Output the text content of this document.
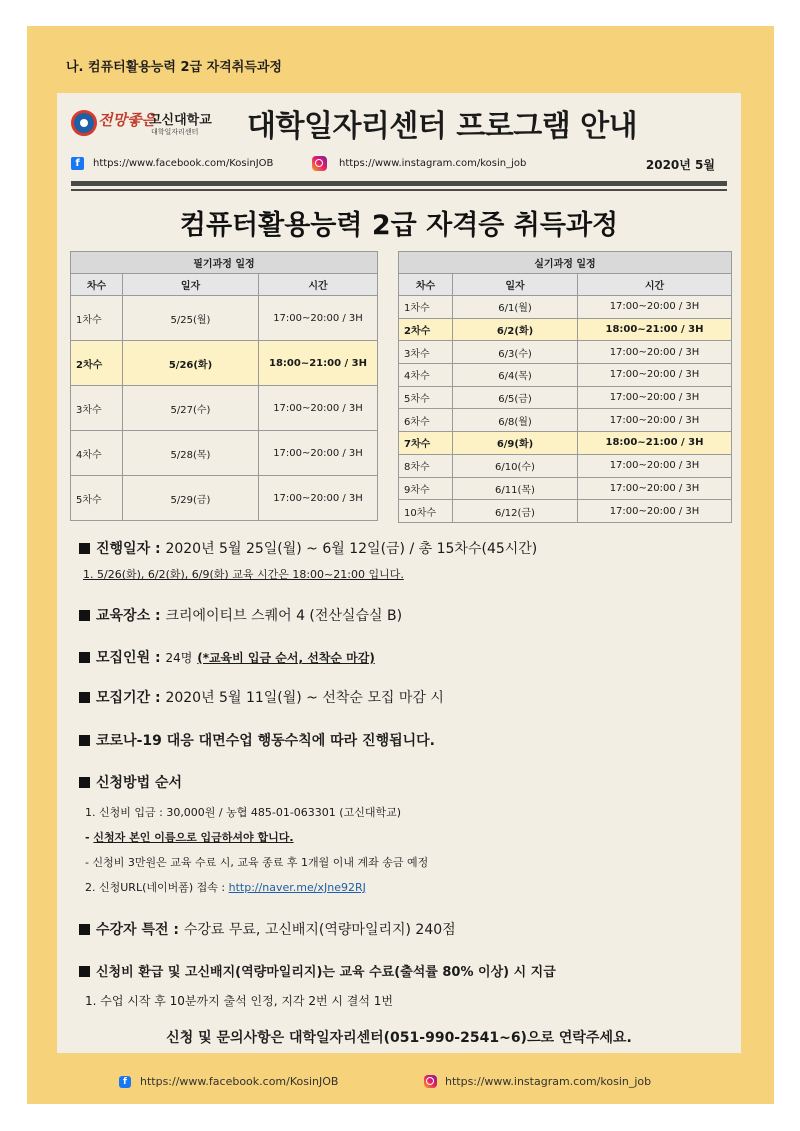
나. 컴퓨터활용능력 2급 자격취득과정
전망좋은
고신대학교
대학일자리센터 대학일자리센터 프로그램 안내
f	https://www.facebook.com/KosinJOB	https://www.instagram.com/kosin_job	2020년 5월
컴퓨터활용능력 2급 자격증 취득과정
필기과정 일정		
차수	일자	시간
1차수	5/25(월)	17:00~20:00 / 3H
2차수	5/26(화)	18:00~21:00 / 3H
3차수	5/27(수)	17:00~20:00 / 3H
4차수	5/28(목)	17:00~20:00 / 3H
5차수	5/29(금)	17:00~20:00 / 3H
실기과정 일정		
차수	일자	시간
1차수	6/1(월)	17:00~20:00 / 3H
2차수	6/2(화)	18:00~21:00 / 3H
3차수	6/3(수)	17:00~20:00 / 3H
4차수	6/4(목)	17:00~20:00 / 3H
5차수	6/5(금)	17:00~20:00 / 3H
6차수	6/8(월)	17:00~20:00 / 3H
7차수	6/9(화)	18:00~21:00 / 3H
8차수	6/10(수)	17:00~20:00 / 3H
9차수	6/11(목)	17:00~20:00 / 3H
10차수	6/12(금)	17:00~20:00 / 3H
진행일자 : 2020년 5월 25일(월) ~ 6월 12일(금) / 총 15차수(45시간)
1. 5/26(화), 6/2(화), 6/9(화) 교육 시간은 18:00~21:00 입니다.
교육장소 : 크리에이티브 스퀘어 4 (전산실습실 B)
모집인원 : 24명 (*교육비 입금 순서, 선착순 마감)
모집기간 : 2020년 5월 11일(월) ~ 선착순 모집 마감 시
코로나-19 대응 대면수업 행동수칙에 따라 진행됩니다.
신청방법 순서
1. 신청비 입금 : 30,000원 / 농협 485-01-063301 (고신대학교)
- 신청자 본인 이름으로 입금하셔야 합니다.
- 신청비 3만원은 교육 수료 시, 교육 종료 후 1개월 이내 계좌 송금 예정
2. 신청URL(네이버폼) 접속 : http://naver.me/xJne92RJ
수강자 특전 : 수강료 무료, 고신배지(역량마일리지) 240점
신청비 환급 및 고신배지(역량마일리지)는 교육 수료(출석률 80% 이상) 시 지급
1. 수업 시작 후 10분까지 출석 인정, 지각 2번 시 결석 1번
신청 및 문의사항은 대학일자리센터(051-990-2541~6)으로 연락주세요.
f	https://www.facebook.com/KosinJOB	https://www.instagram.com/kosin_job
